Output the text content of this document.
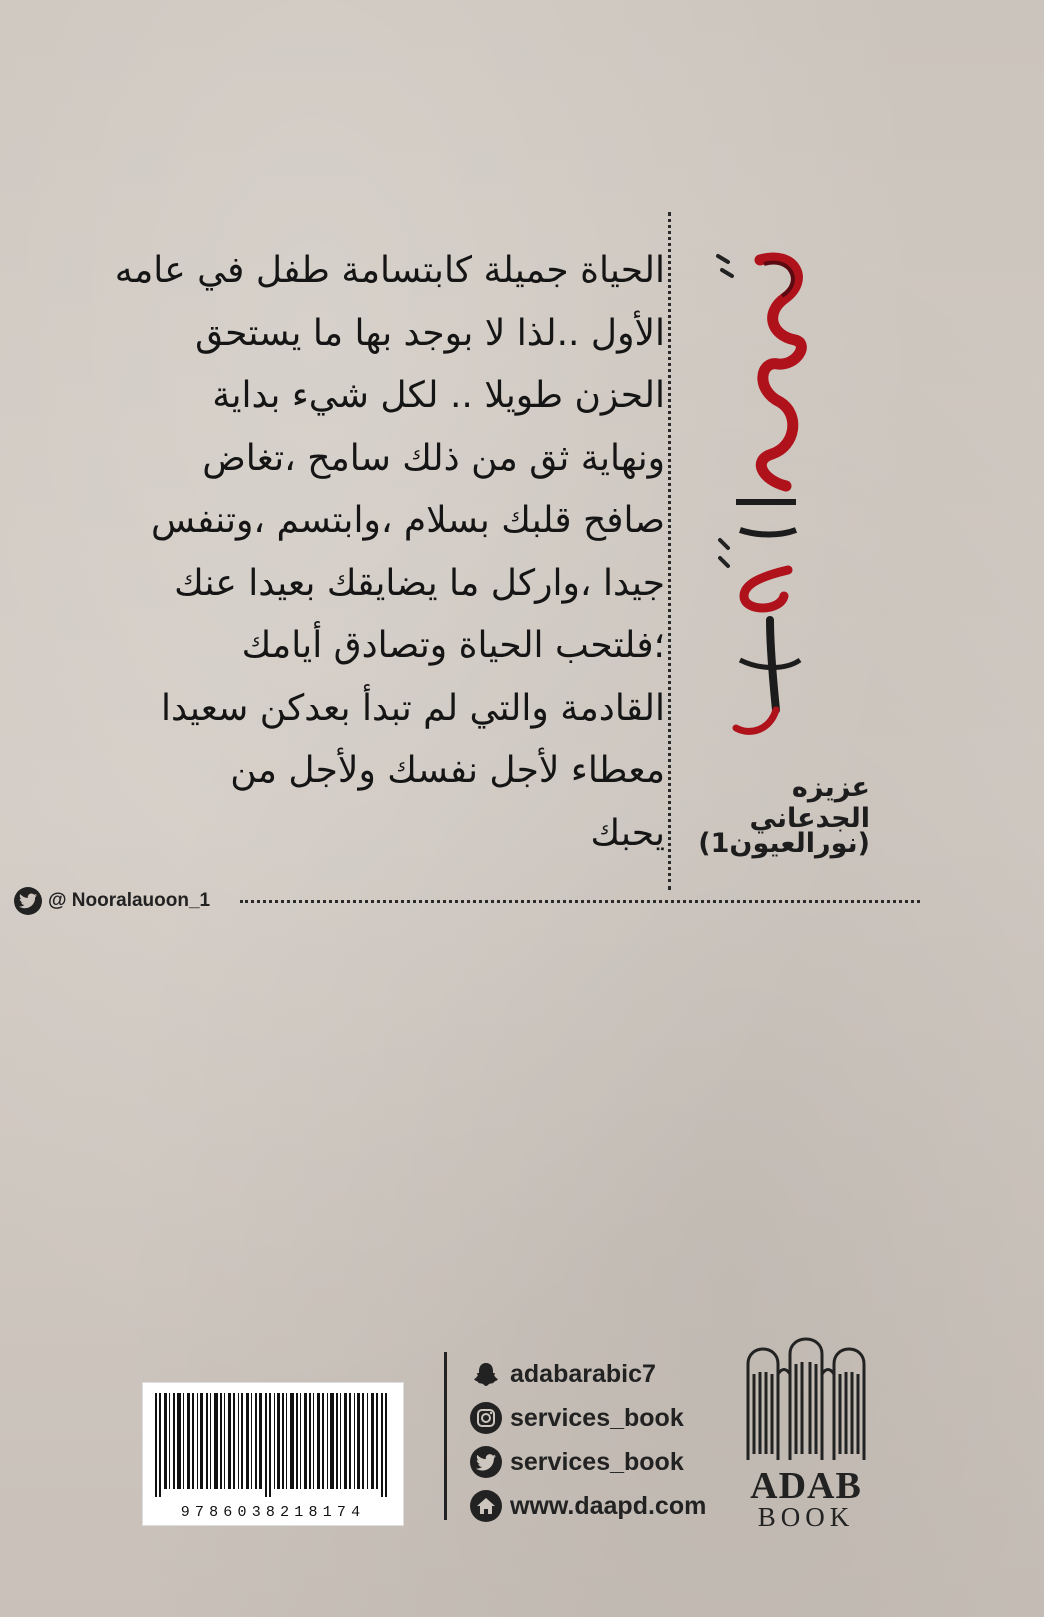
الحياة جميلة كابتسامة طفل في عامه
الأول ..لذا لا بوجد بها ما يستحق
الحزن طويلا .. لكل شيء بداية
ونهاية ثق من ذلك سامح ،تغاض
صافح قلبك بسلام ،وابتسم ،وتنفس
جيدا ،واركل ما يضايقك بعيدا عنك
؛فلتحب الحياة وتصادق أيامك
القادمة والتي لم تبدأ بعدكن سعيدا
معطاء لأجل نفسك ولأجل من
يحبك
@ Nooralauoon_1
عزيزه الجدعاني
(نورالعيون1)
9786038218174
adabarabic7
services_book
services_book
www.daapd.com ADAB
BOOK
